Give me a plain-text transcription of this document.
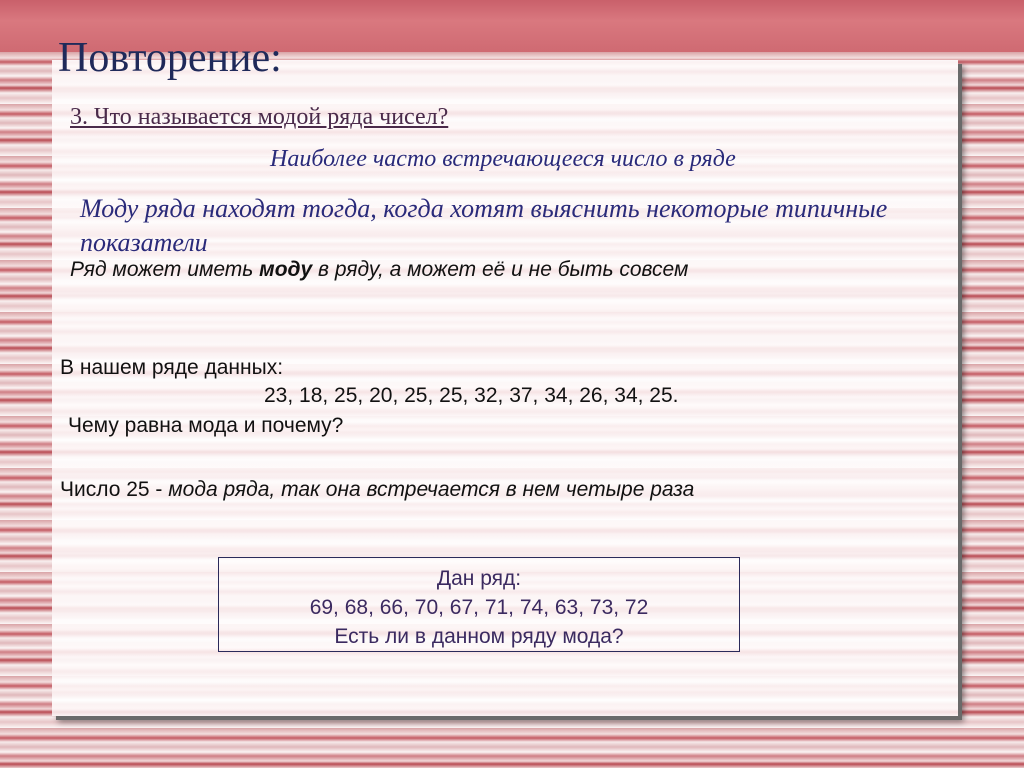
Повторение:
3. Что называется модой ряда чисел?
Наиболее часто встречающееся число в ряде
Моду ряда находят тогда, когда хотят выяснить некоторые типичные показатели
Ряд может иметь моду в ряду, а может её и не быть совсем
В нашем ряде данных:
23, 18, 25, 20, 25, 25, 32, 37, 34, 26, 34, 25.
Чему равна мода и почему?
Число 25 - мода ряда, так она встречается в нем четыре раза
Дан ряд:
69, 68, 66, 70, 67, 71, 74, 63, 73, 72
Есть ли в данном ряду мода?
